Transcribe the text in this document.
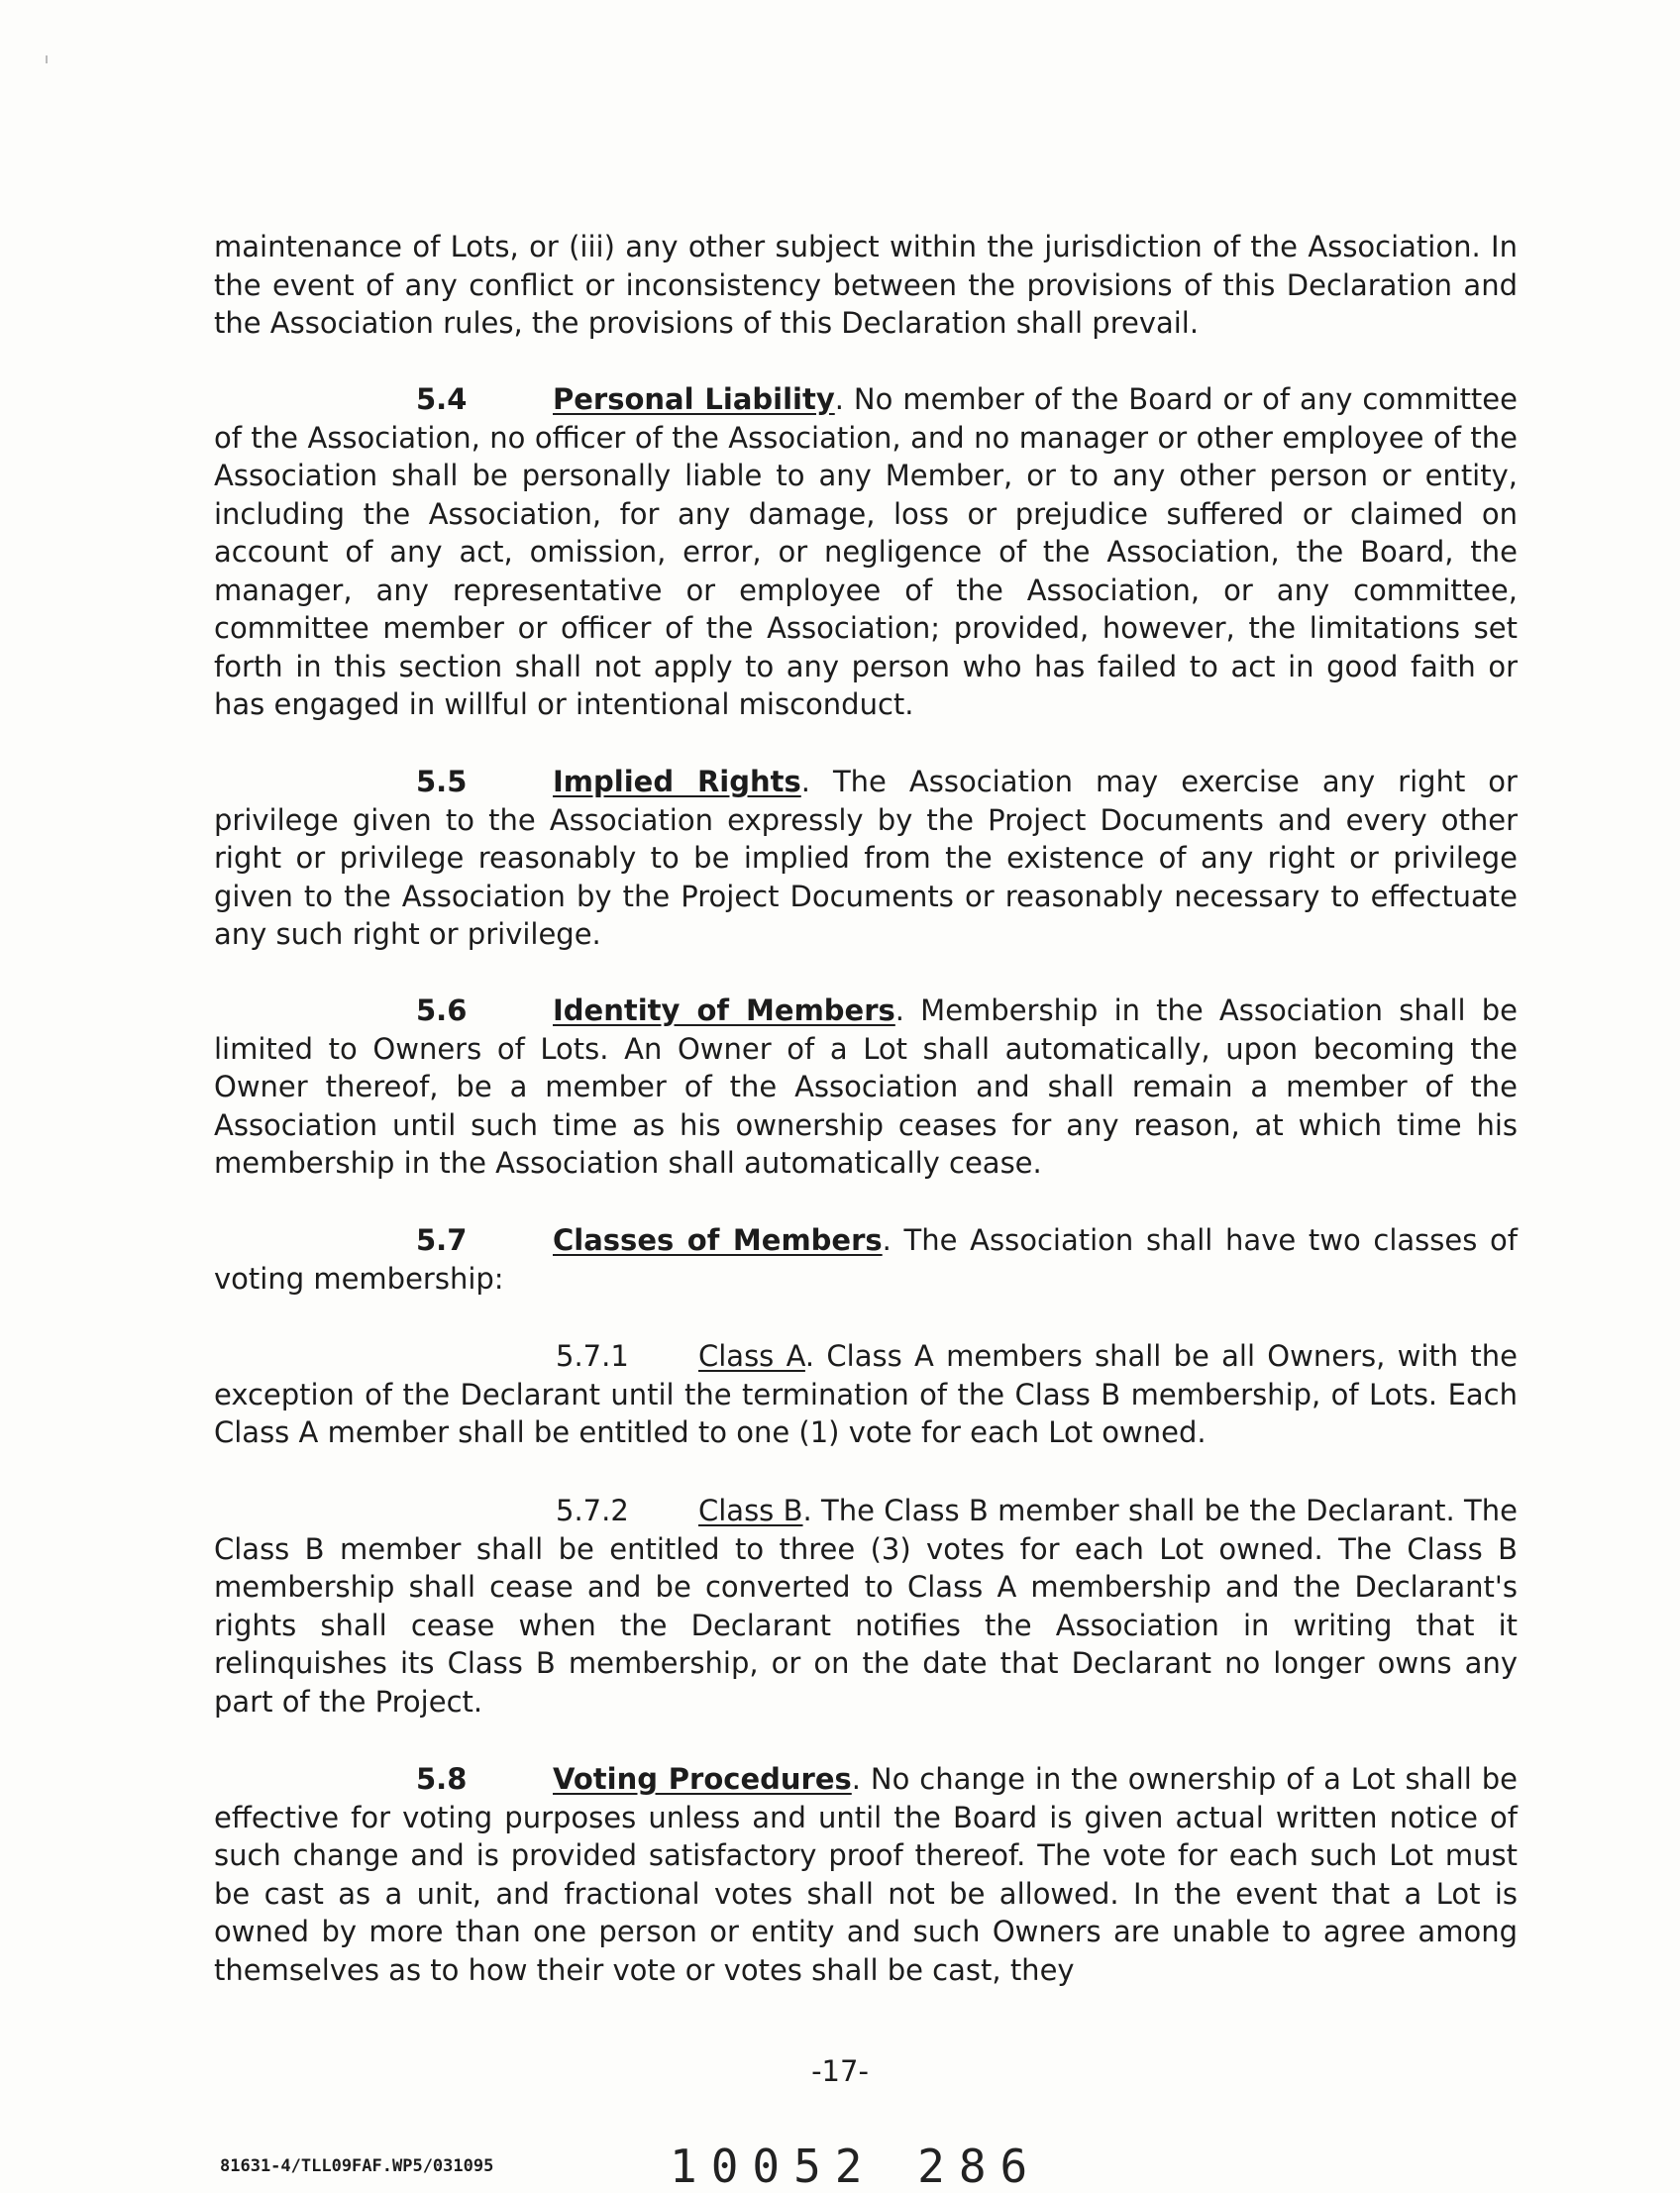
maintenance of Lots, or (iii) any other subject within the jurisdiction of the Association. In the event of any conflict or inconsistency between the provisions of this Declaration and the Association rules, the provisions of this Declaration shall prevail.

5.4	Personal Liability. No member of the Board or of any committee of the Association, no officer of the Association, and no manager or other employee of the Association shall be personally liable to any Member, or to any other person or entity, including the Association, for any damage, loss or prejudice suffered or claimed on account of any act, omission, error, or negligence of the Association, the Board, the manager, any representative or employee of the Association, or any committee, committee member or officer of the Association; provided, however, the limitations set forth in this section shall not apply to any person who has failed to act in good faith or has engaged in willful or intentional misconduct.

5.5	Implied Rights. The Association may exercise any right or privilege given to the Association expressly by the Project Documents and every other right or privilege reasonably to be implied from the existence of any right or privilege given to the Association by the Project Documents or reasonably necessary to effectuate any such right or privilege.

5.6	Identity of Members. Membership in the Association shall be limited to Owners of Lots. An Owner of a Lot shall automatically, upon becoming the Owner thereof, be a member of the Association and shall remain a member of the Association until such time as his ownership ceases for any reason, at which time his membership in the Association shall automatically cease.

5.7	Classes of Members. The Association shall have two classes of voting membership:

5.7.1 Class A. Class A members shall be all Owners, with the exception of the Declarant until the termination of the Class B membership, of Lots. Each Class A member shall be entitled to one (1) vote for each Lot owned.

5.7.2 Class B. The Class B member shall be the Declarant. The Class B member shall be entitled to three (3) votes for each Lot owned. The Class B membership shall cease and be converted to Class A membership and the Declarant's rights shall cease when the Declarant notifies the Association in writing that it relinquishes its Class B membership, or on the date that Declarant no longer owns any part of the Project.

5.8	Voting Procedures. No change in the ownership of a Lot shall be effective for voting purposes unless and until the Board is given actual written notice of such change and is provided satisfactory proof thereof. The vote for each such Lot must be cast as a unit, and fractional votes shall not be allowed. In the event that a Lot is owned by more than one person or entity and such Owners are unable to agree among themselves as to how their vote or votes shall be cast, they

-17-
81631-4/TLL09FAF.WP5/031095	10052 286
